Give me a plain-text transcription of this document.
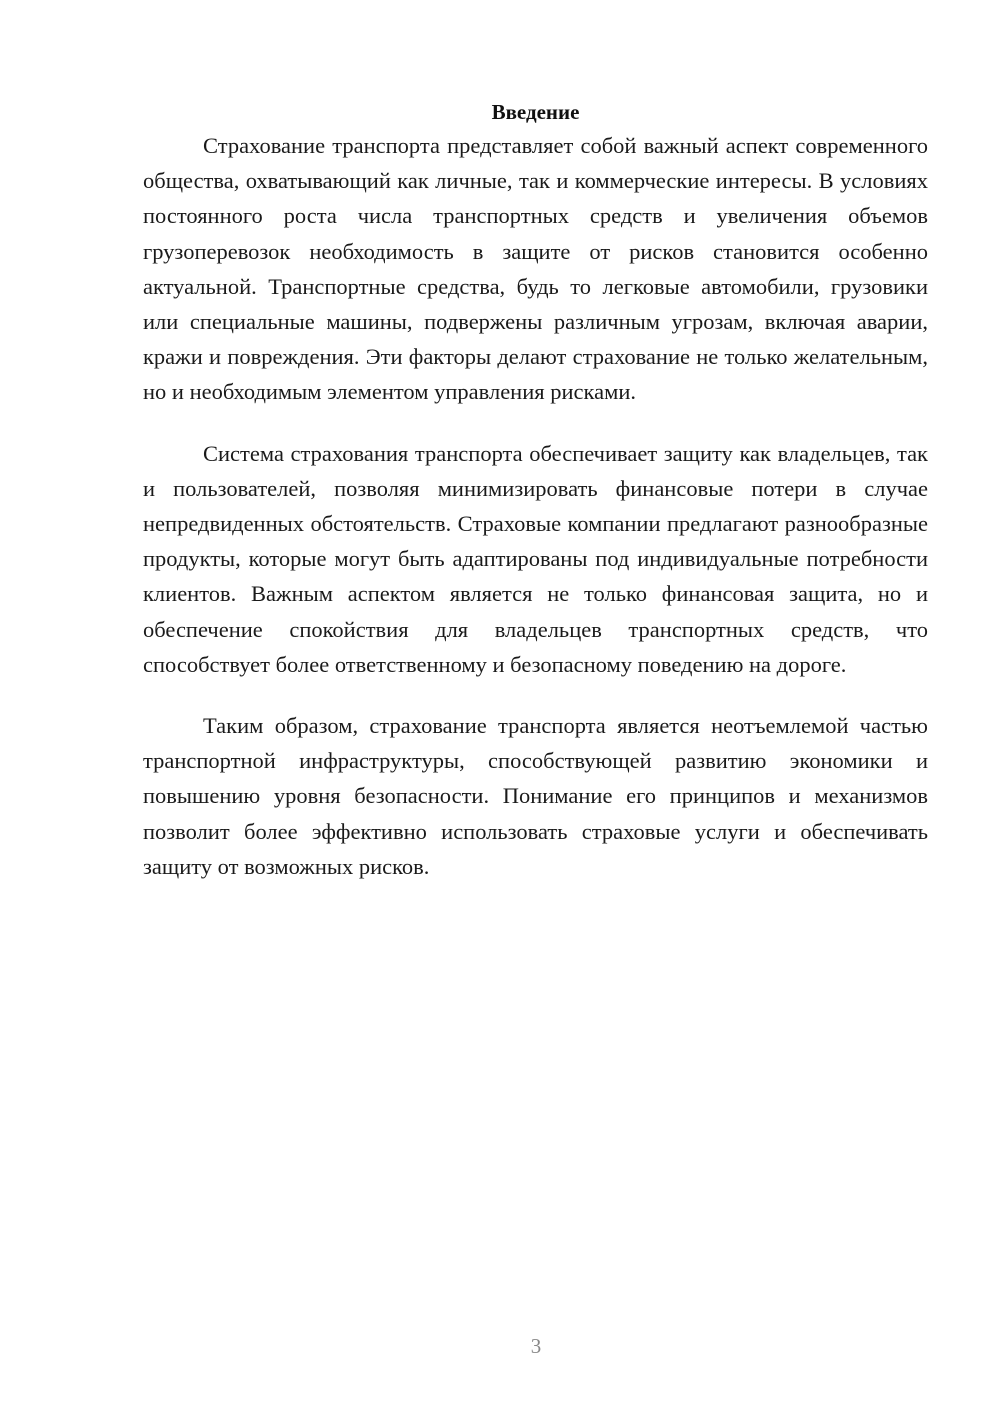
Введение

Страхование транспорта представляет собой важный аспект современного общества, охватывающий как личные, так и коммерческие интересы. В условиях постоянного роста числа транспортных средств и увеличения объемов грузоперевозок необходимость в защите от рисков становится особенно актуальной. Транспортные средства, будь то легковые автомобили, грузовики или специальные машины, подвержены различным угрозам, включая аварии, кражи и повреждения. Эти факторы делают страхование не только желательным, но и необходимым элементом управления рисками.

Система страхования транспорта обеспечивает защиту как владельцев, так и пользователей, позволяя минимизировать финансовые потери в случае непредвиденных обстоятельств. Страховые компании предлагают разнообразные продукты, которые могут быть адаптированы под индивидуальные потребности клиентов. Важным аспектом является не только финансовая защита, но и обеспечение спокойствия для владельцев транспортных средств, что способствует более ответственному и безопасному поведению на дороге.

Таким образом, страхование транспорта является неотъемлемой частью транспортной инфраструктуры, способствующей развитию экономики и повышению уровня безопасности. Понимание его принципов и механизмов позволит более эффективно использовать страховые услуги и обеспечивать защиту от возможных рисков.

3
